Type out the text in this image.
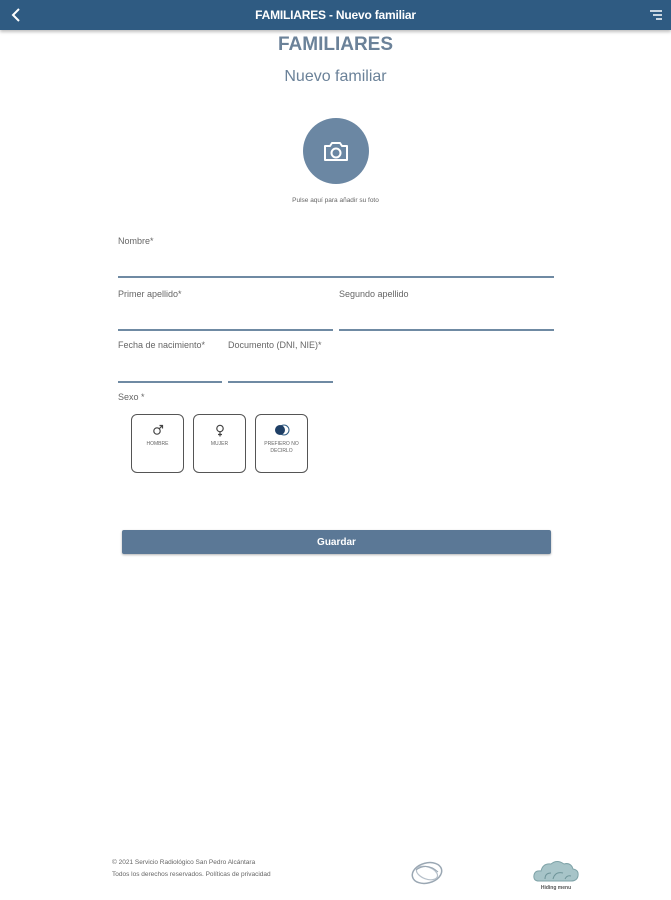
FAMILIARES - Nuevo familiar
FAMILIARES
Nuevo familiar
Pulse aquí para añadir su foto
Nombre*
Primer apellido*	Segundo apellido
Fecha de nacimiento*	Documento (DNI, NIE)*
Sexo *
HOMBRE	MUJER	PREFIERO NO DECIRLO
Guardar
© 2021 Servicio Radiológico San Pedro Alcántara
Todos los derechos reservados. Políticas de privacidad
Hiding menu
